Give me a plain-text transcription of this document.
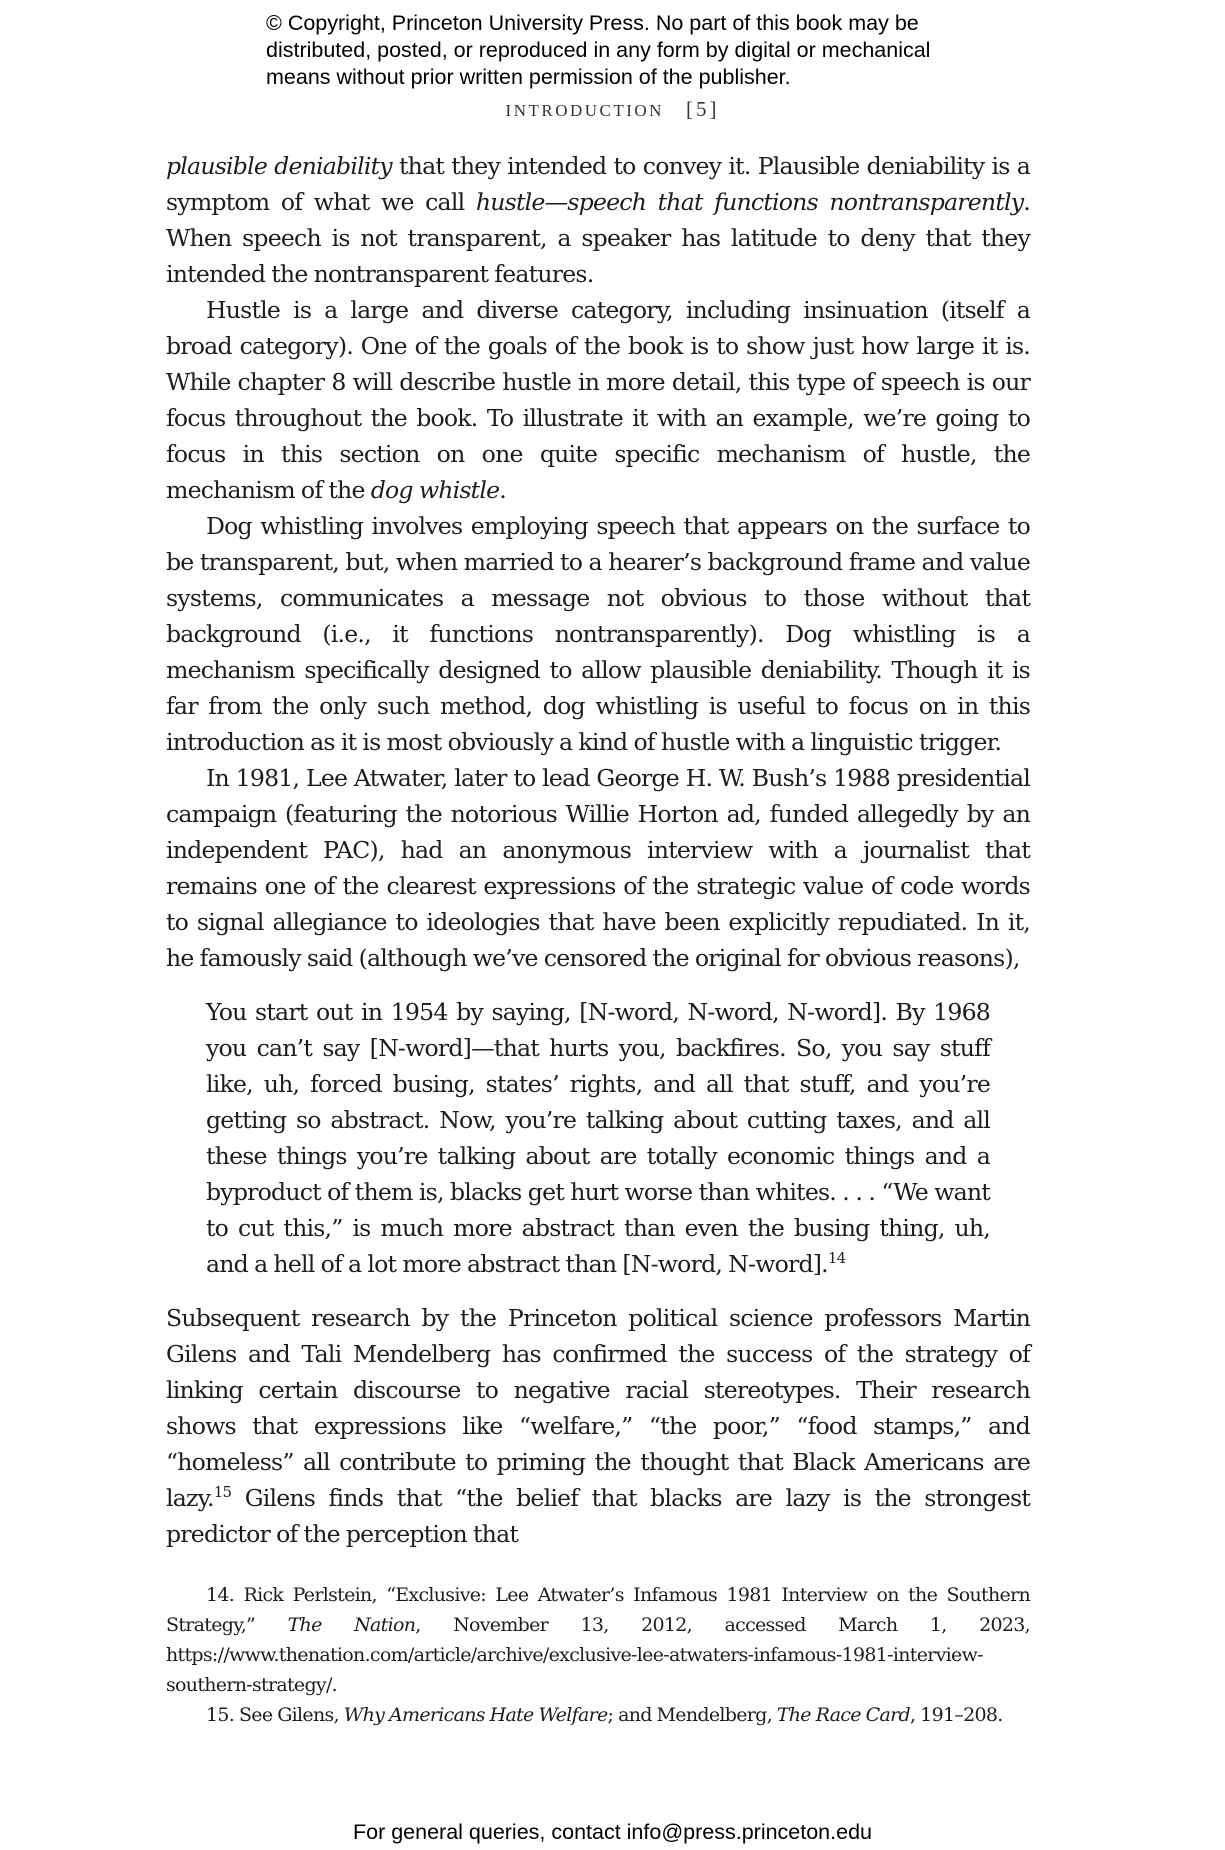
© Copyright, Princeton University Press. No part of this book may be
distributed, posted, or reproduced in any form by digital or mechanical
means without prior written permission of the publisher.
INTRODUCTION [5]

plausible deniability that they intended to convey it. Plausible deniability is a symptom of what we call hustle—speech that functions nontransparently. When speech is not transparent, a speaker has latitude to deny that they intended the nontransparent features.

Hustle is a large and diverse category, including insinuation (itself a broad category). One of the goals of the book is to show just how large it is. While chapter 8 will describe hustle in more detail, this type of speech is our focus throughout the book. To illustrate it with an example, we’re going to focus in this section on one quite specific mechanism of hustle, the mechanism of the dog whistle.

Dog whistling involves employing speech that appears on the surface to be transparent, but, when married to a hearer’s background frame and value systems, communicates a message not obvious to those without that background (i.e., it functions nontransparently). Dog whistling is a mechanism specifically designed to allow plausible deniability. Though it is far from the only such method, dog whistling is useful to focus on in this introduction as it is most obviously a kind of hustle with a linguistic trigger.

In 1981, Lee Atwater, later to lead George H. W. Bush’s 1988 presidential campaign (featuring the notorious Willie Horton ad, funded allegedly by an independent PAC), had an anonymous interview with a journalist that remains one of the clearest expressions of the strategic value of code words to signal allegiance to ideologies that have been explicitly repudiated. In it, he famously said (although we’ve censored the original for obvious reasons),

You start out in 1954 by saying, [N-word, N-word, N-word]. By 1968 you can’t say [N-word]—that hurts you, backfires. So, you say stuff like, uh, forced busing, states’ rights, and all that stuff, and you’re getting so abstract. Now, you’re talking about cutting taxes, and all these things you’re talking about are totally economic things and a byproduct of them is, blacks get hurt worse than whites. . . . “We want to cut this,” is much more abstract than even the busing thing, uh, and a hell of a lot more abstract than [N-word, N-word].$^{14}$

Subsequent research by the Princeton political science professors Martin Gilens and Tali Mendelberg has confirmed the success of the strategy of linking certain discourse to negative racial stereotypes. Their research shows that expressions like “welfare,” “the poor,” “food stamps,” and “homeless” all contribute to priming the thought that Black Americans are lazy.$^{15}$ Gilens finds that “the belief that blacks are lazy is the strongest predictor of the perception that

14. Rick Perlstein, “Exclusive: Lee Atwater’s Infamous 1981 Interview on the Southern Strategy,” The Nation, November 13, 2012, accessed March 1, 2023, https://www.thenation.com/article/archive/exclusive-lee-atwaters-infamous-1981-interview-southern-strategy/.

15. See Gilens, Why Americans Hate Welfare; and Mendelberg, The Race Card, 191–208.

For general queries, contact info@press.princeton.edu
